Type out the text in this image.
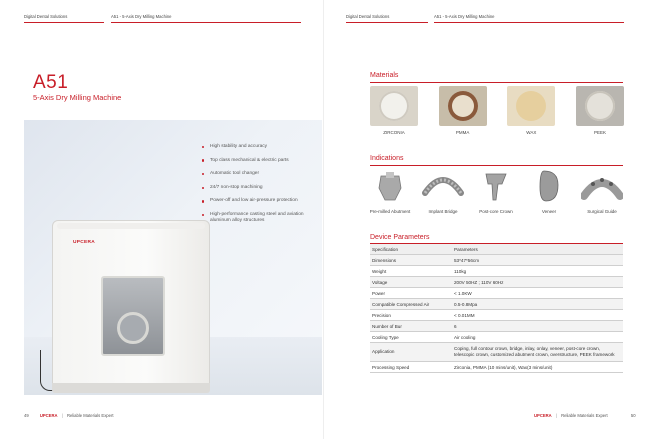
Digital Dental Solutions	A51 - 5-Axis Dry Milling Machine
A51
5-Axis Dry Milling Machine
High stability and accuracy
Top class mechanical & electric parts
Automatic tool changer
24/7 non-stop machining
Power-off and low air-pressure protection
High-performance casting steel and aviation aluminum alloy structures
UPCERA
49	UPCERA | Reliable Materials Expert
Digital Dental Solutions	A51 - 5-Axis Dry Milling Machine
Materials
ZIRCONIA	PMMA	WAX	PEEK
Indications
Pre-milled Abutment	Implant Bridge	Post-core Crown	Veneer	Surgical Guide
Device Parameters
Specification	Parameters
Dimensions	53*47*56cm
Weight	110kg
Voltage	200V 50HZ ; 110V 60Hz
Power	< 1.0KW
Compatible Compressed Air	0.5-0.8Mpa
Precision	< 0.01MM
Number of Bur	6
Cooling Type	Air cooling
Application	Coping, full contour crown, bridge, inlay, onlay, veneer, post-core crown, telescopic crown, customized abutment crown, overstructure, PEEK framework
Processing Speed	Zirconia, PMMA (10 mins/unit), Wax(3 mins/unit)
UPCERA | Reliable Materials Expert	50
